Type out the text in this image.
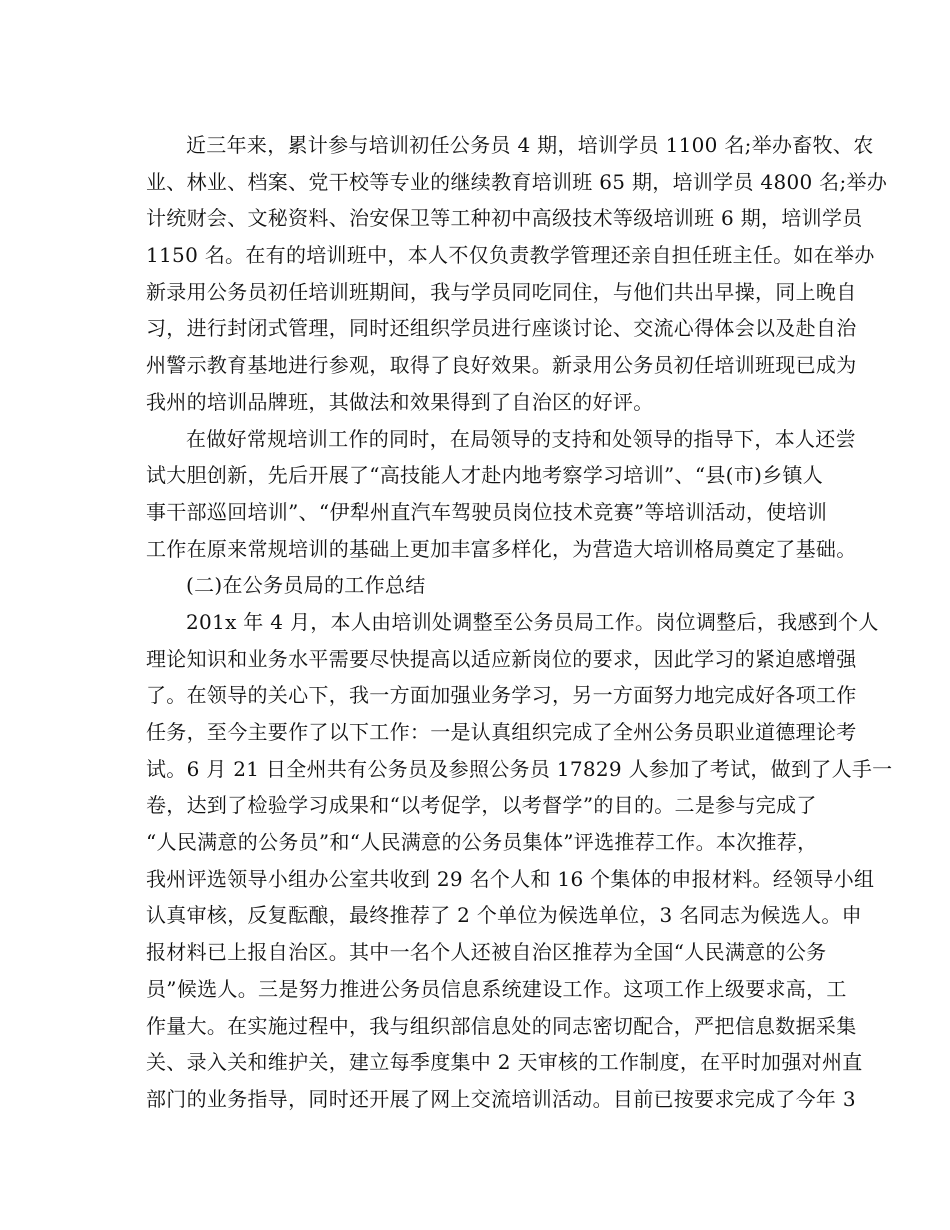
近三年来，累计参与培训初任公务员 4 期，培训学员 1100 名;举办畜牧、农
业、林业、档案、党干校等专业的继续教育培训班 65 期，培训学员 4800 名;举办
计统财会、文秘资料、治安保卫等工种初中高级技术等级培训班 6 期，培训学员
1150 名。在有的培训班中，本人不仅负责教学管理还亲自担任班主任。如在举办
新录用公务员初任培训班期间，我与学员同吃同住，与他们共出早操，同上晚自
习，进行封闭式管理，同时还组织学员进行座谈讨论、交流心得体会以及赴自治
州警示教育基地进行参观，取得了良好效果。新录用公务员初任培训班现已成为
我州的培训品牌班，其做法和效果得到了自治区的好评。
在做好常规培训工作的同时，在局领导的支持和处领导的指导下，本人还尝
试大胆创新，先后开展了“高技能人才赴内地考察学习培训”、“县(市)乡镇人
事干部巡回培训”、“伊犁州直汽车驾驶员岗位技术竞赛”等培训活动，使培训
工作在原来常规培训的基础上更加丰富多样化，为营造大培训格局奠定了基础。
(二)在公务员局的工作总结
201x 年 4 月，本人由培训处调整至公务员局工作。岗位调整后，我感到个人
理论知识和业务水平需要尽快提高以适应新岗位的要求，因此学习的紧迫感增强
了。在领导的关心下，我一方面加强业务学习，另一方面努力地完成好各项工作
任务，至今主要作了以下工作：一是认真组织完成了全州公务员职业道德理论考
试。6 月 21 日全州共有公务员及参照公务员 17829 人参加了考试，做到了人手一
卷，达到了检验学习成果和“以考促学，以考督学”的目的。二是参与完成了
“人民满意的公务员”和“人民满意的公务员集体”评选推荐工作。本次推荐，
我州评选领导小组办公室共收到 29 名个人和 16 个集体的申报材料。经领导小组
认真审核，反复酝酿，最终推荐了 2 个单位为候选单位，3 名同志为候选人。申
报材料已上报自治区。其中一名个人还被自治区推荐为全国“人民满意的公务
员”候选人。三是努力推进公务员信息系统建设工作。这项工作上级要求高，工
作量大。在实施过程中，我与组织部信息处的同志密切配合，严把信息数据采集
关、录入关和维护关，建立每季度集中 2 天审核的工作制度，在平时加强对州直
部门的业务指导，同时还开展了网上交流培训活动。目前已按要求完成了今年 3
